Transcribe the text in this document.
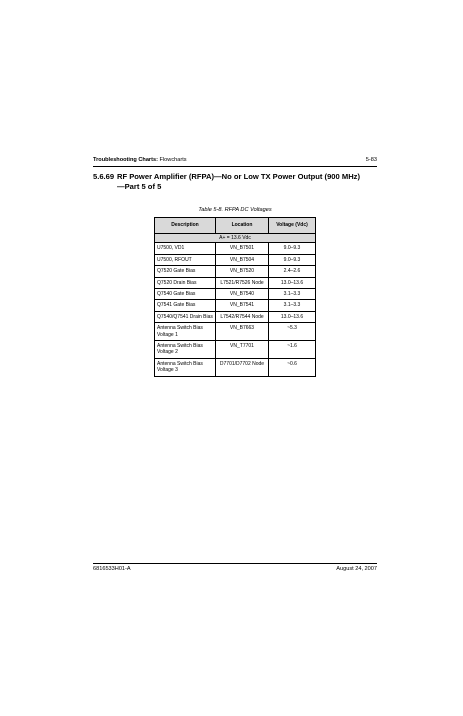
Troubleshooting Charts: Flowcharts	5-83
5.6.69 RF Power Amplifier (RFPA)—No or Low TX Power Output (900 MHz)
—Part 5 of 5
Table 5-8. RFPA DC Voltages
Description	Location	Voltage (Vdc)
A+ = 13.6 Vdc		
U7500, VD1	VN_B7501	9.0–9.3
U7500, RFOUT	VN_B7504	9.0–9.3
Q7520 Gate Bias	VN_B7520	2.4–2.6
Q7520 Drain Bias	L7521/R7526 Node	13.0–13.6
Q7540 Gate Bias	VN_B7540	3.1–3.3
Q7541 Gate Bias	VN_B7541	3.1–3.3
Q7540/Q7541 Drain Bias	L7542/R7544 Node	13.0–13.6
Antenna Switch Bias Voltage 1	VN_B7663	~5.3
Antenna Switch Bias Voltage 2	VN_T7701	~1.6
Antenna Switch Bias Voltage 3	D7701/D7702 Node	~0.6
6816533H01-A	August 24, 2007
